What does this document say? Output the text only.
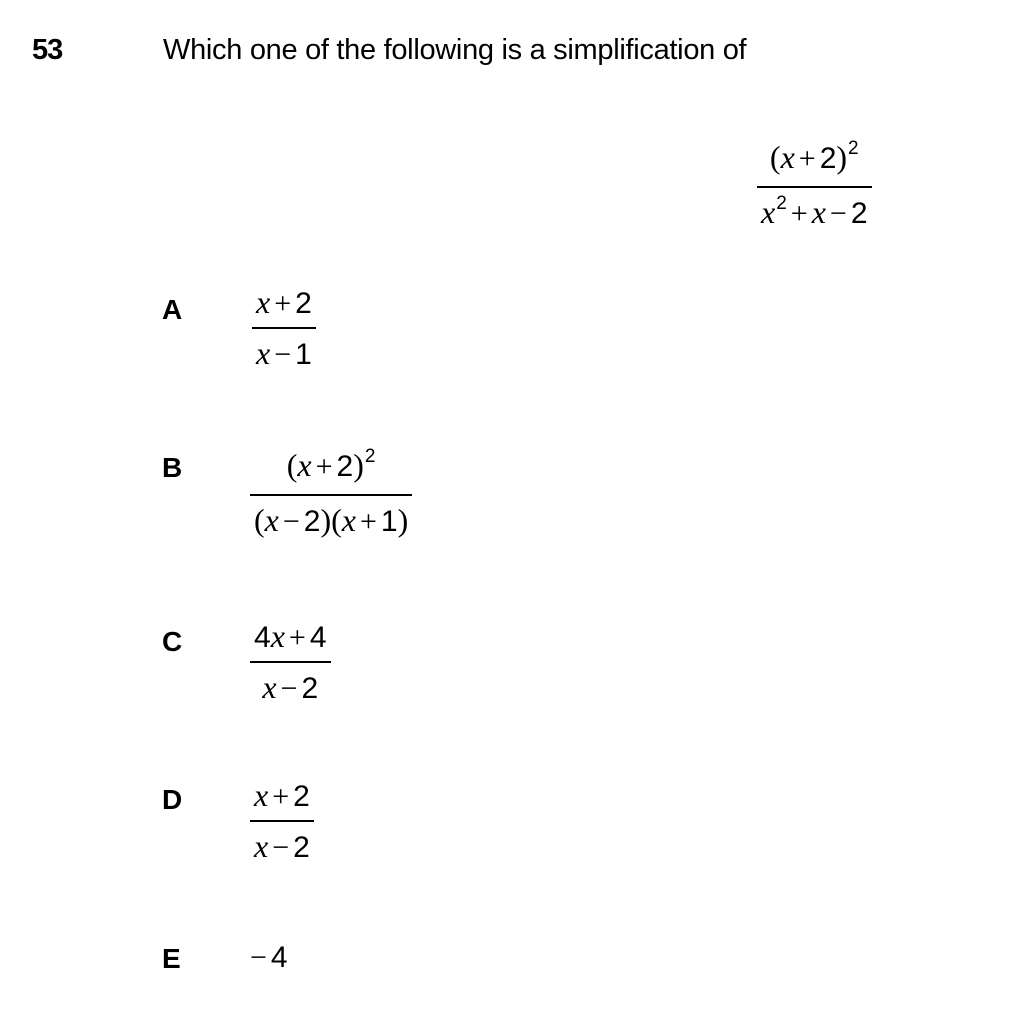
53	Which one of the following is a simplification of
$(x + 2)^2$
$x^2 + x - 2$
A x + 2
x − 1
B	$(x + 2)^2$
(x − 2)(x + 1)
C 4x + 4
x − 2
D x + 2
x − 2
E − 4
